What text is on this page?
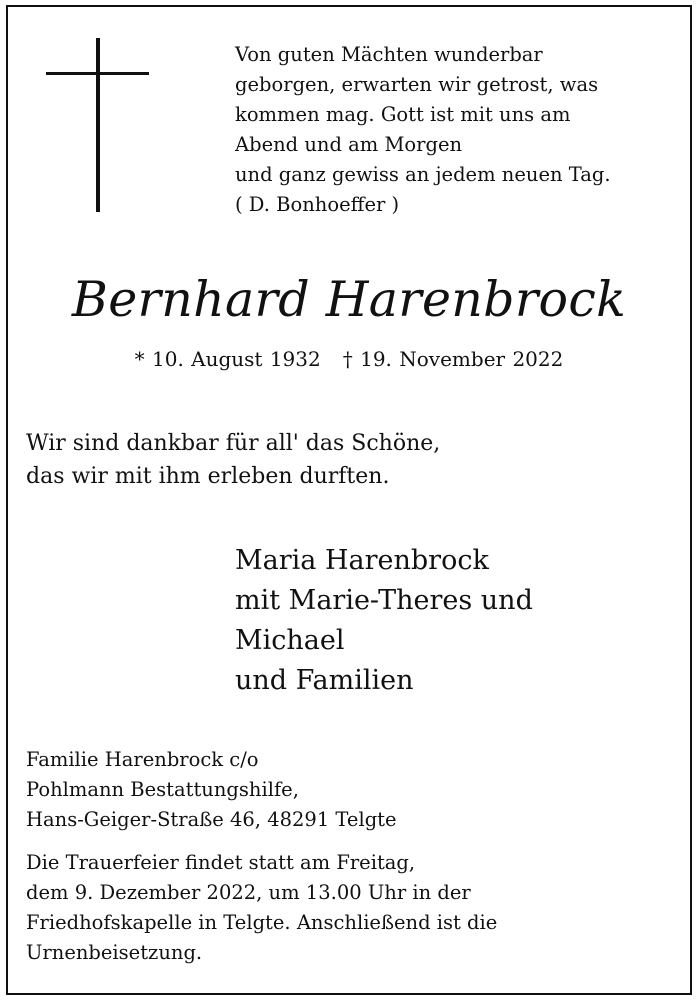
Von guten Mächten wunderbar
geborgen, erwarten wir getrost, was
kommen mag. Gott ist mit uns am
Abend und am Morgen
und ganz gewiss an jedem neuen Tag.
( D. Bonhoeffer )
Bernhard Harenbrock
* 10. August 1932 † 19. November 2022
Wir sind dankbar für all' das Schöne,
das wir mit ihm erleben durften.
Maria Harenbrock
mit Marie-Theres und
Michael
und Familien
Familie Harenbrock c/o
Pohlmann Bestattungshilfe,
Hans-Geiger-Straße 46, 48291 Telgte
Die Trauerfeier findet statt am Freitag,
dem 9. Dezember 2022, um 13.00 Uhr in der
Friedhofskapelle in Telgte. Anschließend ist die
Urnenbeisetzung.
